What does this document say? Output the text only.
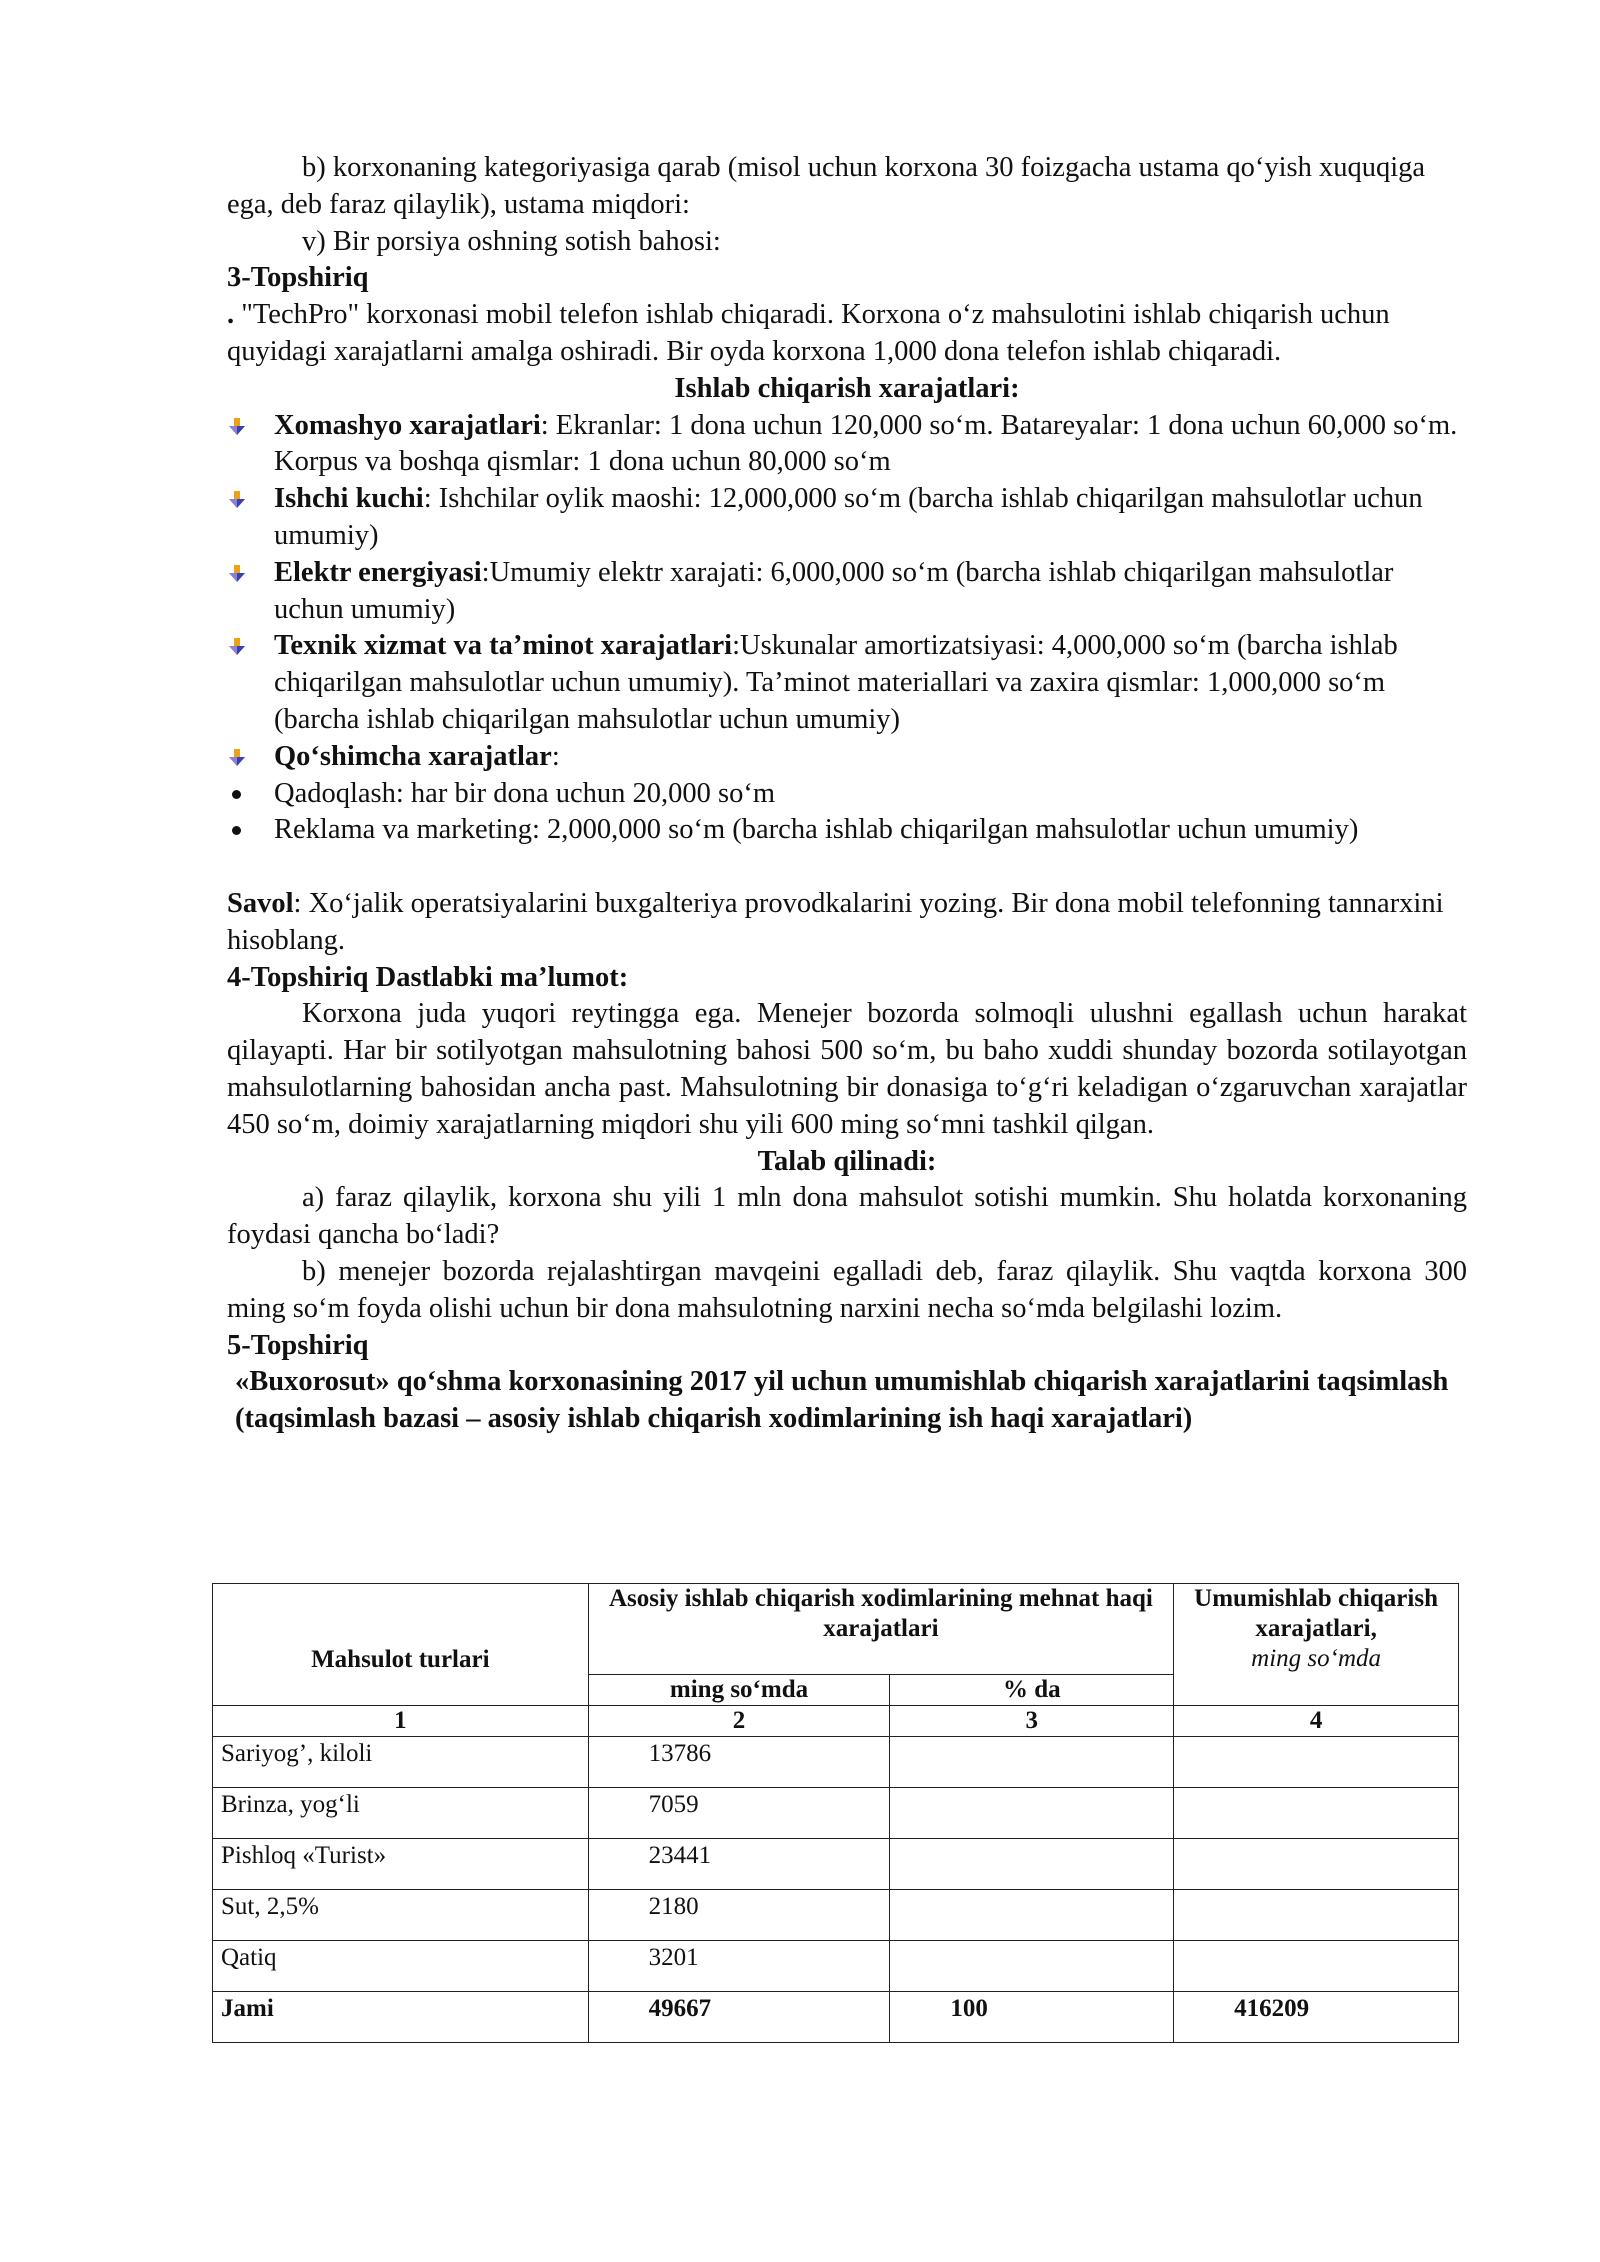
b) korxonaning kategoriyasiga qarab (misol uchun korxona 30 foizgacha ustama qo‘yish xuquqiga ega, deb faraz qilaylik), ustama miqdori:

v) Bir porsiya oshning sotish bahosi:

3-Topshiriq

. "TechPro" korxonasi mobil telefon ishlab chiqaradi. Korxona o‘z mahsulotini ishlab chiqarish uchun quyidagi xarajatlarni amalga oshiradi. Bir oyda korxona 1,000 dona telefon ishlab chiqaradi.

Ishlab chiqarish xarajatlari:

Xomashyo xarajatlari: Ekranlar: 1 dona uchun 120,000 so‘m. Batareyalar: 1 dona uchun 60,000 so‘m. Korpus va boshqa qismlar: 1 dona uchun 80,000 so‘m
Ishchi kuchi: Ishchilar oylik maoshi: 12,000,000 so‘m (barcha ishlab chiqarilgan mahsulotlar uchun umumiy)
Elektr energiyasi:Umumiy elektr xarajati: 6,000,000 so‘m (barcha ishlab chiqarilgan mahsulotlar uchun umumiy)
Texnik xizmat va ta’minot xarajatlari:Uskunalar amortizatsiyasi: 4,000,000 so‘m (barcha ishlab chiqarilgan mahsulotlar uchun umumiy). Ta’minot materiallari va zaxira qismlar: 1,000,000 so‘m (barcha ishlab chiqarilgan mahsulotlar uchun umumiy)
Qo‘shimcha xarajatlar:
Qadoqlash: har bir dona uchun 20,000 so‘m
Reklama va marketing: 2,000,000 so‘m (barcha ishlab chiqarilgan mahsulotlar uchun umumiy)

Savol: Xo‘jalik operatsiyalarini buxgalteriya provodkalarini yozing. Bir dona mobil telefonning tannarxini hisoblang.

4-Topshiriq Dastlabki ma’lumot:

Korxona juda yuqori reytingga ega. Menejer bozorda solmoqli ulushni egallash uchun harakat qilayapti. Har bir sotilyotgan mahsulotning bahosi 500 so‘m, bu baho xuddi shunday bozorda sotilayotgan mahsulotlarning bahosidan ancha past. Mahsulotning bir donasiga to‘g‘ri keladigan o‘zgaruvchan xarajatlar 450 so‘m, doimiy xarajatlarning miqdori shu yili 600 ming so‘mni tashkil qilgan.

Talab qilinadi:

a) faraz qilaylik, korxona shu yili 1 mln dona mahsulot sotishi mumkin. Shu holatda korxonaning foydasi qancha bo‘ladi?

b) menejer bozorda rejalashtirgan mavqeini egalladi deb, faraz qilaylik. Shu vaqtda korxona 300 ming so‘m foyda olishi uchun bir dona mahsulotning narxini necha so‘mda belgilashi lozim.

5-Topshiriq

«Buxorosut» qo‘shma korxonasining 2017 yil uchun umumishlab chiqarish xarajatlarini taqsimlash (taqsimlash bazasi – asosiy ishlab chiqarish xodimlarining ish haqi xarajatlari)

Mahsulot turlari	Asosiy ishlab chiqarish xodimlarining mehnat haqi xarajatlari		Umumishlab chiqarish xarajatlari,
ming so‘mda
	ming so‘mda	% da	
1	2	3	4
Sariyog’, kiloli	13786		
Brinza, yog‘li	7059		
Pishloq «Turist»	23441		
Sut, 2,5%	2180		
Qatiq	3201		
Jami	49667	100	416209
